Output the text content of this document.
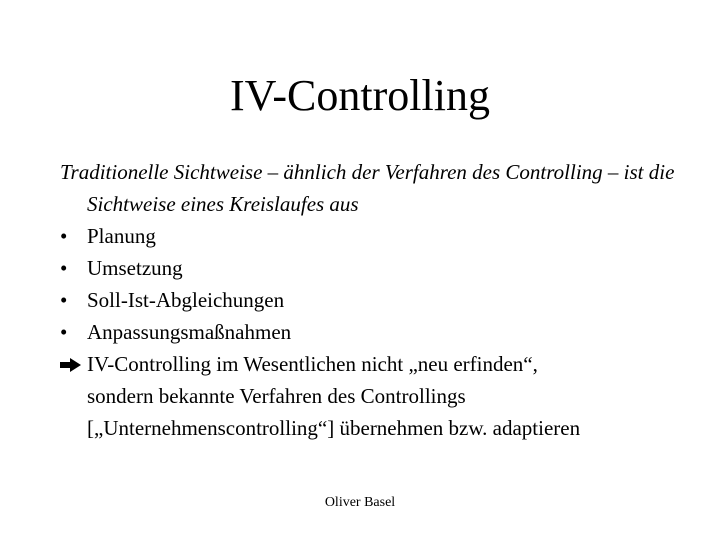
IV-Controlling
Traditionelle Sichtweise – ähnlich der Verfahren des Controlling – ist die Sichtweise eines Kreislaufes aus
• Planung
• Umsetzung
• Soll-Ist-Abgleichungen
• Anpassungsmaßnahmen
IV-Controlling im Wesentlichen nicht „neu erfinden“,
sondern bekannte Verfahren des Controllings
[„Unternehmenscontrolling“] übernehmen bzw. adaptieren
Oliver Basel
